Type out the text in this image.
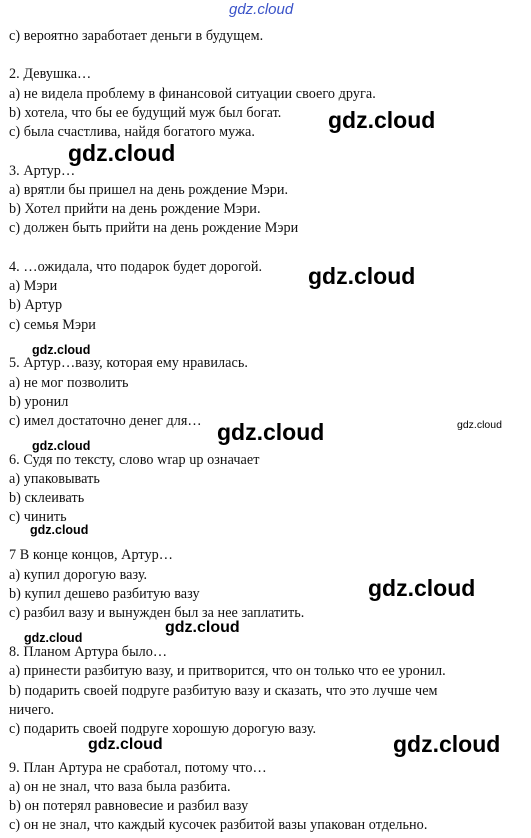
gdz.cloud
c) вероятно заработает деньги в будущем.
2. Девушка…
a) не видела проблему в финансовой ситуации своего друга.
b) хотела, что бы ее будущий муж был богат.
c) была счастлива, найдя богатого мужа.
3. Артур…
a) врятли бы пришел на день рождение Мэри.
b) Хотел прийти на день рождение Мэри.
c) должен быть прийти на день рождение Мэри
4. …ожидала, что подарок будет дорогой.
a) Мэри
b) Артур
c) семья Мэри
5. Артур…вазу, которая ему нравилась.
a) не мог позволить
b) уронил
c) имел достаточно денег для…
6. Судя по тексту, слово wrap up означает
a) упаковывать
b) склеивать
c) чинить
7 В конце концов, Артур…
a) купил дорогую вазу.
b) купил дешево разбитую вазу
c) разбил вазу и вынужден был за нее заплатить.
8. Планом Артура было…
a) принести разбитую вазу, и притворится, что он только что ее уронил.
b) подарить своей подруге разбитую вазу и сказать, что это лучше чем
ничего.
c) подарить своей подруге хорошую дорогую вазу.
9. План Артура не сработал, потому что…
a) он не знал, что ваза была разбита.
b) он потерял равновесие и разбил вазу
c) он не знал, что каждый кусочек разбитой вазы упакован отдельно.
gdz.cloud
gdz.cloud
gdz.cloud
gdz.cloud
gdz.cloud
gdz.cloud
gdz.cloud
gdz.cloud
gdz.cloud
gdz.cloud
gdz.cloud
gdz.cloud	gdz.cloud
